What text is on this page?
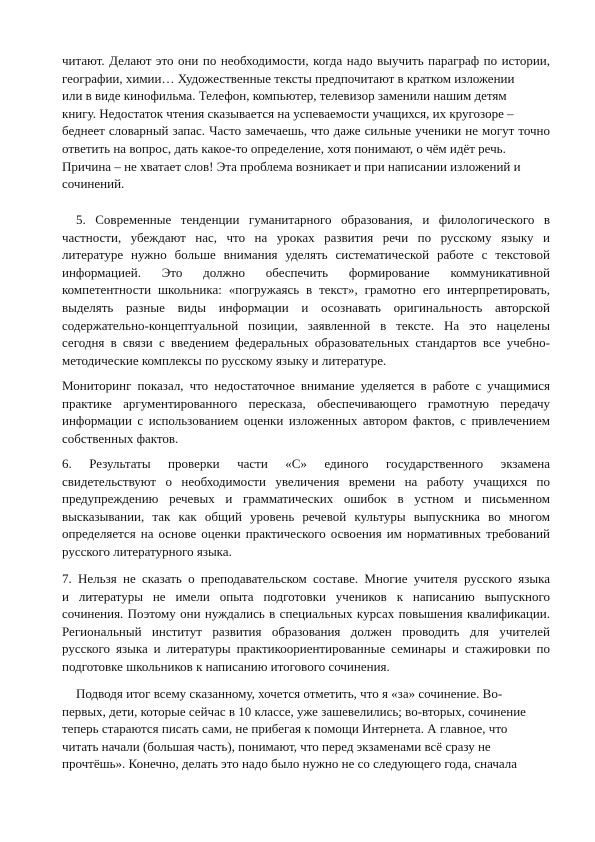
читают. Делают это они по необходимости, когда надо выучить параграф по истории,
географии, химии… Художественные тексты предпочитают в кратком изложении
или в виде кинофильма. Телефон, компьютер, телевизор заменили нашим детям
книгу. Недостаток чтения сказывается на успеваемости учащихся, их кругозоре –
беднеет словарный запас. Часто замечаешь, что даже сильные ученики не могут точно
ответить на вопрос, дать какое-то определение, хотя понимают, о чём идёт речь.
Причина – не хватает слов! Эта проблема возникает и при написании изложений и
сочинений.
5. Современные тенденции гуманитарного образования, и филологического в
частности, убеждают нас, что на уроках развития речи по русскому языку и
литературе нужно больше внимания уделять систематической работе с текстовой
информацией. Это должно обеспечить формирование коммуникативной
компетентности школьника: «погружаясь в текст», грамотно его интерпретировать,
выделять разные виды информации и осознавать оригинальность авторской
содержательно-концептуальной позиции, заявленной в тексте. На это нацелены
сегодня в связи с введением федеральных образовательных стандартов все учебно-
методические комплексы по русскому языку и литературе.
Мониторинг показал, что недостаточное внимание уделяется в работе с учащимися
практике аргументированного пересказа, обеспечивающего грамотную передачу
информации с использованием оценки изложенных автором фактов, с привлечением
собственных фактов.
6. Результаты проверки части «С» единого государственного экзамена
свидетельствуют о необходимости увеличения времени на работу учащихся по
предупреждению речевых и грамматических ошибок в устном и письменном
высказывании, так как общий уровень речевой культуры выпускника во многом
определяется на основе оценки практического освоения им нормативных требований
русского литературного языка.
7. Нельзя не сказать о преподавательском составе. Многие учителя русского языка
и литературы не имели опыта подготовки учеников к написанию выпускного
сочинения. Поэтому они нуждались в специальных курсах повышения квалификации.
Региональный институт развития образования должен проводить для учителей
русского языка и литературы практикоориентированные семинары и стажировки по
подготовке школьников к написанию итогового сочинения.
Подводя итог всему сказанному, хочется отметить, что я «за» сочинение. Во-
первых, дети, которые сейчас в 10 классе, уже зашевелились; во-вторых, сочинение
теперь стараются писать сами, не прибегая к помощи Интернета. А главное, что
читать начали (большая часть), понимают, что перед экзаменами всё сразу не
прочтёшь». Конечно, делать это надо было нужно не со следующего года, сначала
